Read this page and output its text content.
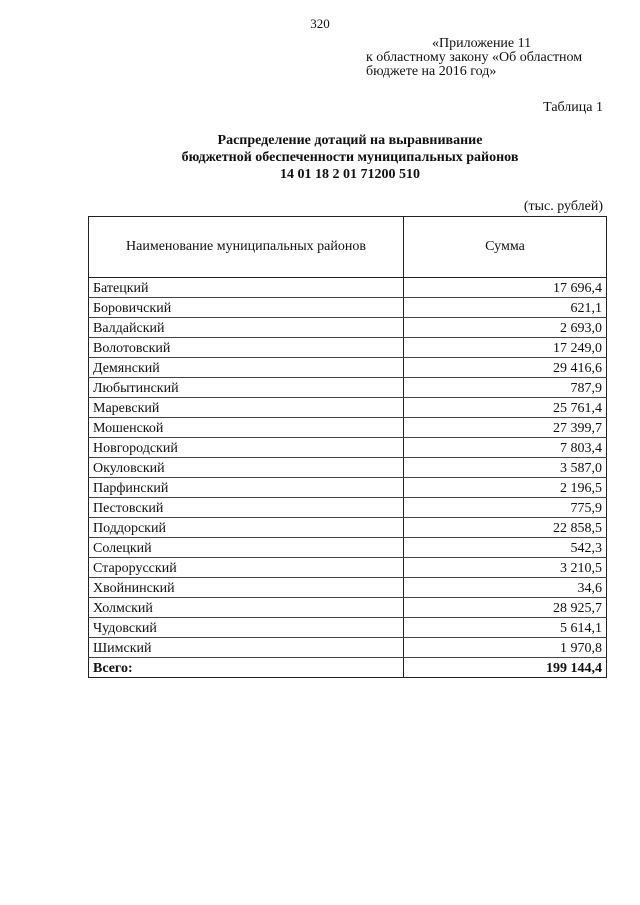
320
«Приложение 11
к областному закону «Об областном
бюджете на 2016 год»
Таблица 1
Распределение дотаций на выравнивание
бюджетной обеспеченности муниципальных районов
14 01 18 2 01 71200 510
(тыс. рублей)
Наименование муниципальных районов	Сумма
Батецкий	17 696,4
Боровичский	621,1
Валдайский	2 693,0
Волотовский	17 249,0
Демянский	29 416,6
Любытинский	787,9
Маревский	25 761,4
Мошенской	27 399,7
Новгородский	7 803,4
Окуловский	3 587,0
Парфинский	2 196,5
Пестовский	775,9
Поддорский	22 858,5
Солецкий	542,3
Старорусский	3 210,5
Хвойнинский	34,6
Холмский	28 925,7
Чудовский	5 614,1
Шимский	1 970,8
Всего:	199 144,4
